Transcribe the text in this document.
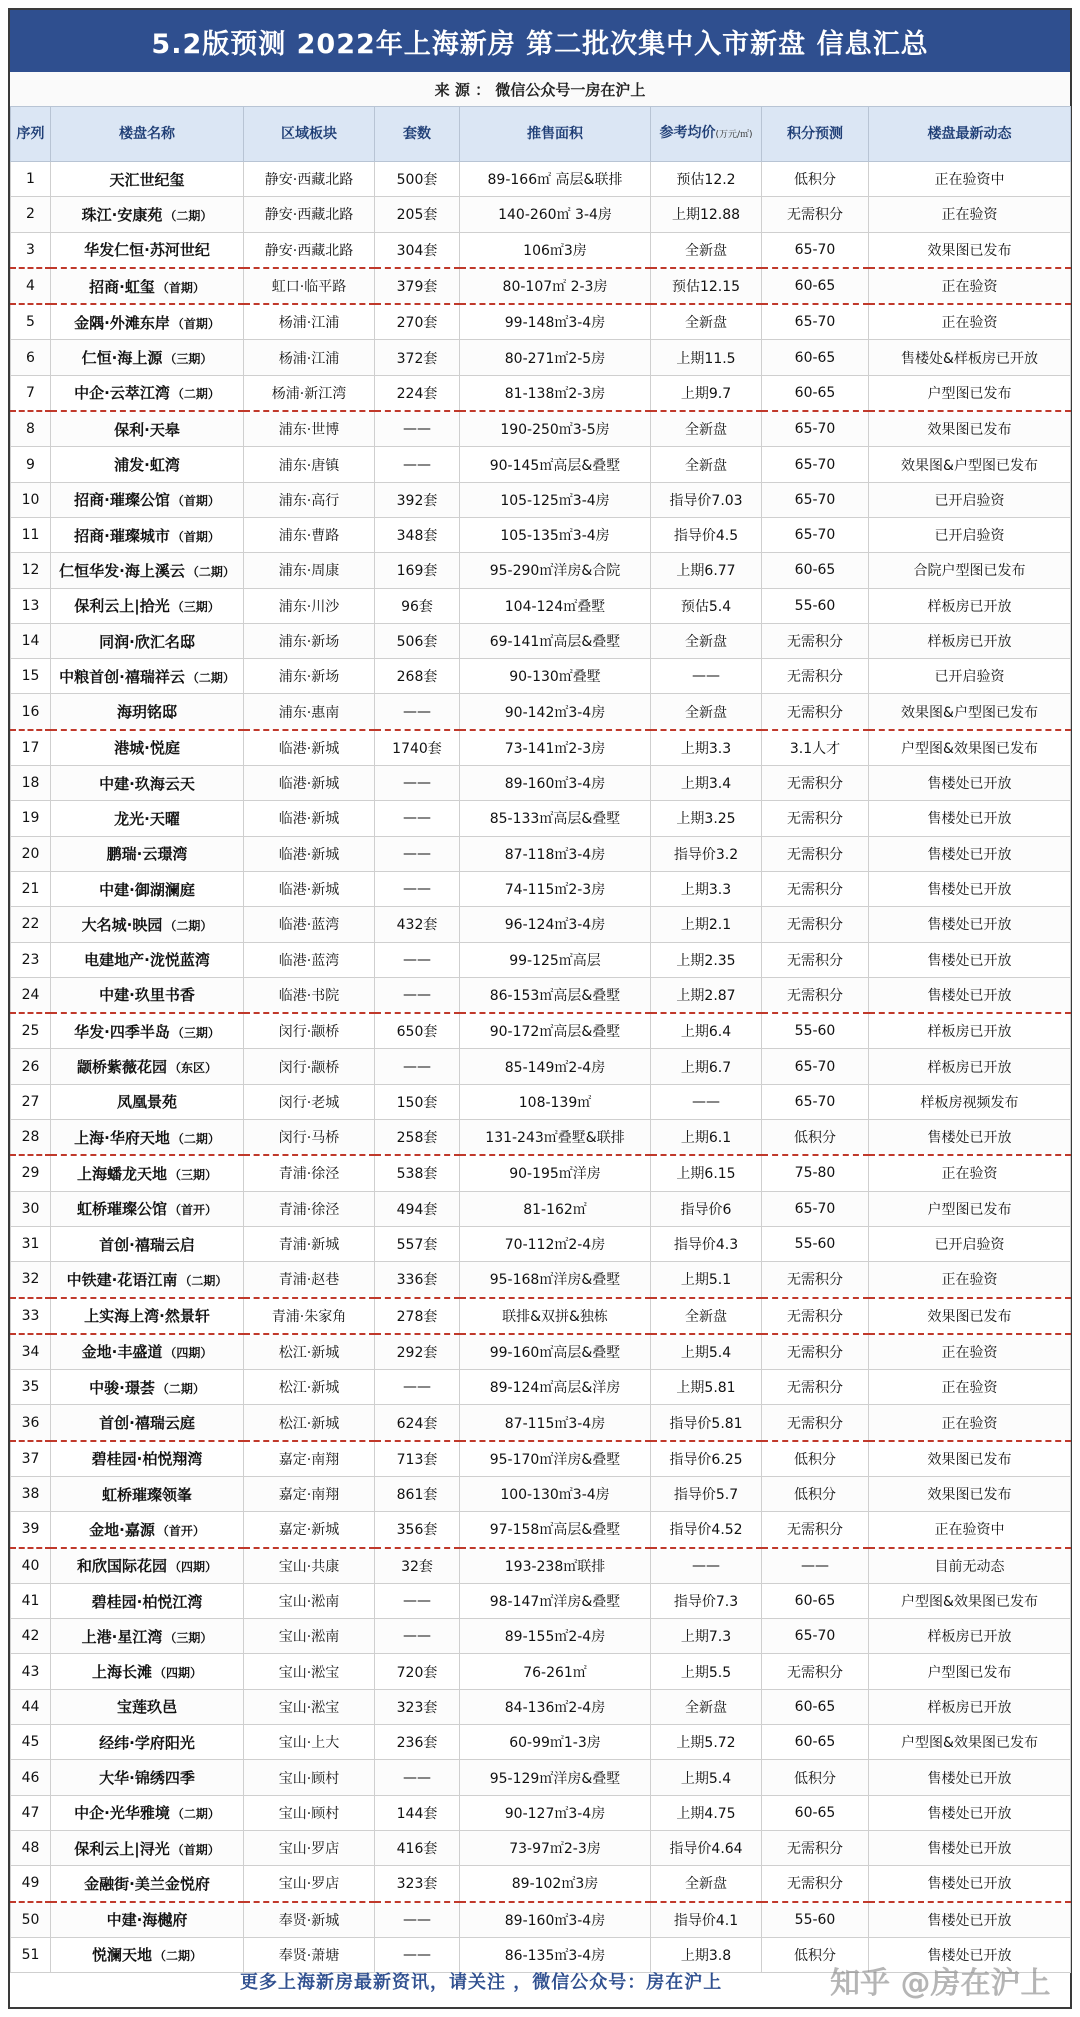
5.2版预测 2022年上海新房 第二批次集中入市新盘 信息汇总
来 源 ： 微信公众号一房在沪上
序列	楼盘名称	区域板块	套数	推售面积	参考均价(万元/㎡)	积分预测	楼盘最新动态
1	天汇世纪玺	静安·西藏北路	500套	89-166㎡ 高层&联排	预估12.2	低积分	正在验资中
2	珠江·安康苑 （二期）	静安·西藏北路	205套	140-260㎡ 3-4房	上期12.88	无需积分	正在验资
3	华发仁恒·苏河世纪	静安·西藏北路	304套	106㎡3房	全新盘	65-70	效果图已发布
4	招商·虹玺 （首期）	虹口·临平路	379套	80-107㎡ 2-3房	预估12.15	60-65	正在验资
5	金隅·外滩东岸 （首期）	杨浦·江浦	270套	99-148㎡3-4房	全新盘	65-70	正在验资
6	仁恒·海上源 （三期）	杨浦·江浦	372套	80-271㎡2-5房	上期11.5	60-65	售楼处&样板房已开放
7	中企·云萃江湾 （二期）	杨浦·新江湾	224套	81-138㎡2-3房	上期9.7	60-65	户型图已发布
8	保利·天皋	浦东·世博	——	190-250㎡3-5房	全新盘	65-70	效果图已发布
9	浦发·虹湾	浦东·唐镇	——	90-145㎡高层&叠墅	全新盘	65-70	效果图&户型图已发布
10	招商·璀璨公馆 （首期）	浦东·高行	392套	105-125㎡3-4房	指导价7.03	65-70	已开启验资
11	招商·璀璨城市 （首期）	浦东·曹路	348套	105-135㎡3-4房	指导价4.5	65-70	已开启验资
12	仁恒华发·海上溪云 （二期）	浦东·周康	169套	95-290㎡洋房&合院	上期6.77	60-65	合院户型图已发布
13	保利云上|拾光 （三期）	浦东·川沙	96套	104-124㎡叠墅	预估5.4	55-60	样板房已开放
14	同润·欣汇名邸	浦东·新场	506套	69-141㎡高层&叠墅	全新盘	无需积分	样板房已开放
15	中粮首创·禧瑞祥云 （二期）	浦东·新场	268套	90-130㎡叠墅	——	无需积分	已开启验资
16	海玥铭邸	浦东·惠南	——	90-142㎡3-4房	全新盘	无需积分	效果图&户型图已发布
17	港城·悦庭	临港·新城	1740套	73-141㎡2-3房	上期3.3	3.1人才	户型图&效果图已发布
18	中建·玖海云天	临港·新城	——	89-160㎡3-4房	上期3.4	无需积分	售楼处已开放
19	龙光·天曜	临港·新城	——	85-133㎡高层&叠墅	上期3.25	无需积分	售楼处已开放
20	鹏瑞·云璟湾	临港·新城	——	87-118㎡3-4房	指导价3.2	无需积分	售楼处已开放
21	中建·御湖澜庭	临港·新城	——	74-115㎡2-3房	上期3.3	无需积分	售楼处已开放
22	大名城·映园 （二期）	临港·蓝湾	432套	96-124㎡3-4房	上期2.1	无需积分	售楼处已开放
23	电建地产·泷悦蓝湾	临港·蓝湾	——	99-125㎡高层	上期2.35	无需积分	售楼处已开放
24	中建·玖里书香	临港·书院	——	86-153㎡高层&叠墅	上期2.87	无需积分	售楼处已开放
25	华发·四季半岛 （三期）	闵行·颛桥	650套	90-172㎡高层&叠墅	上期6.4	55-60	样板房已开放
26	颛桥紫薇花园 （东区）	闵行·颛桥	——	85-149㎡2-4房	上期6.7	65-70	样板房已开放
27	凤凰景苑	闵行·老城	150套	108-139㎡	——	65-70	样板房视频发布
28	上海·华府天地 （二期）	闵行·马桥	258套	131-243㎡叠墅&联排	上期6.1	低积分	售楼处已开放
29	上海蟠龙天地 （三期）	青浦·徐泾	538套	90-195㎡洋房	上期6.15	75-80	正在验资
30	虹桥璀璨公馆 （首开）	青浦·徐泾	494套	81-162㎡	指导价6	65-70	户型图已发布
31	首创·禧瑞云启	青浦·新城	557套	70-112㎡2-4房	指导价4.3	55-60	已开启验资
32	中铁建·花语江南 （二期）	青浦·赵巷	336套	95-168㎡洋房&叠墅	上期5.1	无需积分	正在验资
33	上实海上湾·然景轩	青浦·朱家角	278套	联排&双拼&独栋	全新盘	无需积分	效果图已发布
34	金地·丰盛道 （四期）	松江·新城	292套	99-160㎡高层&叠墅	上期5.4	无需积分	正在验资
35	中骏·璟荟 （二期）	松江·新城	——	89-124㎡高层&洋房	上期5.81	无需积分	正在验资
36	首创·禧瑞云庭	松江·新城	624套	87-115㎡3-4房	指导价5.81	无需积分	正在验资
37	碧桂园·柏悦翔湾	嘉定·南翔	713套	95-170㎡洋房&叠墅	指导价6.25	低积分	效果图已发布
38	虹桥璀璨领峯	嘉定·南翔	861套	100-130㎡3-4房	指导价5.7	低积分	效果图已发布
39	金地·嘉源 （首开）	嘉定·新城	356套	97-158㎡高层&叠墅	指导价4.52	无需积分	正在验资中
40	和欣国际花园 （四期）	宝山·共康	32套	193-238㎡联排	——	——	目前无动态
41	碧桂园·柏悦江湾	宝山·淞南	——	98-147㎡洋房&叠墅	指导价7.3	60-65	户型图&效果图已发布
42	上港·星江湾 （三期）	宝山·淞南	——	89-155㎡2-4房	上期7.3	65-70	样板房已开放
43	上海长滩 （四期）	宝山·淞宝	720套	76-261㎡	上期5.5	无需积分	户型图已发布
44	宝莲玖邑	宝山·淞宝	323套	84-136㎡2-4房	全新盘	60-65	样板房已开放
45	经纬·学府阳光	宝山·上大	236套	60-99㎡1-3房	上期5.72	60-65	户型图&效果图已发布
46	大华·锦绣四季	宝山·顾村	——	95-129㎡洋房&叠墅	上期5.4	低积分	售楼处已开放
47	中企·光华雅境 （二期）	宝山·顾村	144套	90-127㎡3-4房	上期4.75	60-65	售楼处已开放
48	保利云上|浔光 （首期）	宝山·罗店	416套	73-97㎡2-3房	指导价4.64	无需积分	售楼处已开放
49	金融街·美兰金悦府	宝山·罗店	323套	89-102㎡3房	全新盘	无需积分	售楼处已开放
50	中建·海樾府	奉贤·新城	——	89-160㎡3-4房	指导价4.1	55-60	售楼处已开放
51	悦澜天地 （二期）	奉贤·萧塘	——	86-135㎡3-4房	上期3.8	低积分	售楼处已开放
更多上海新房最新资讯，请关注 ，微信公众号：房在沪上	知乎 @房在沪上
